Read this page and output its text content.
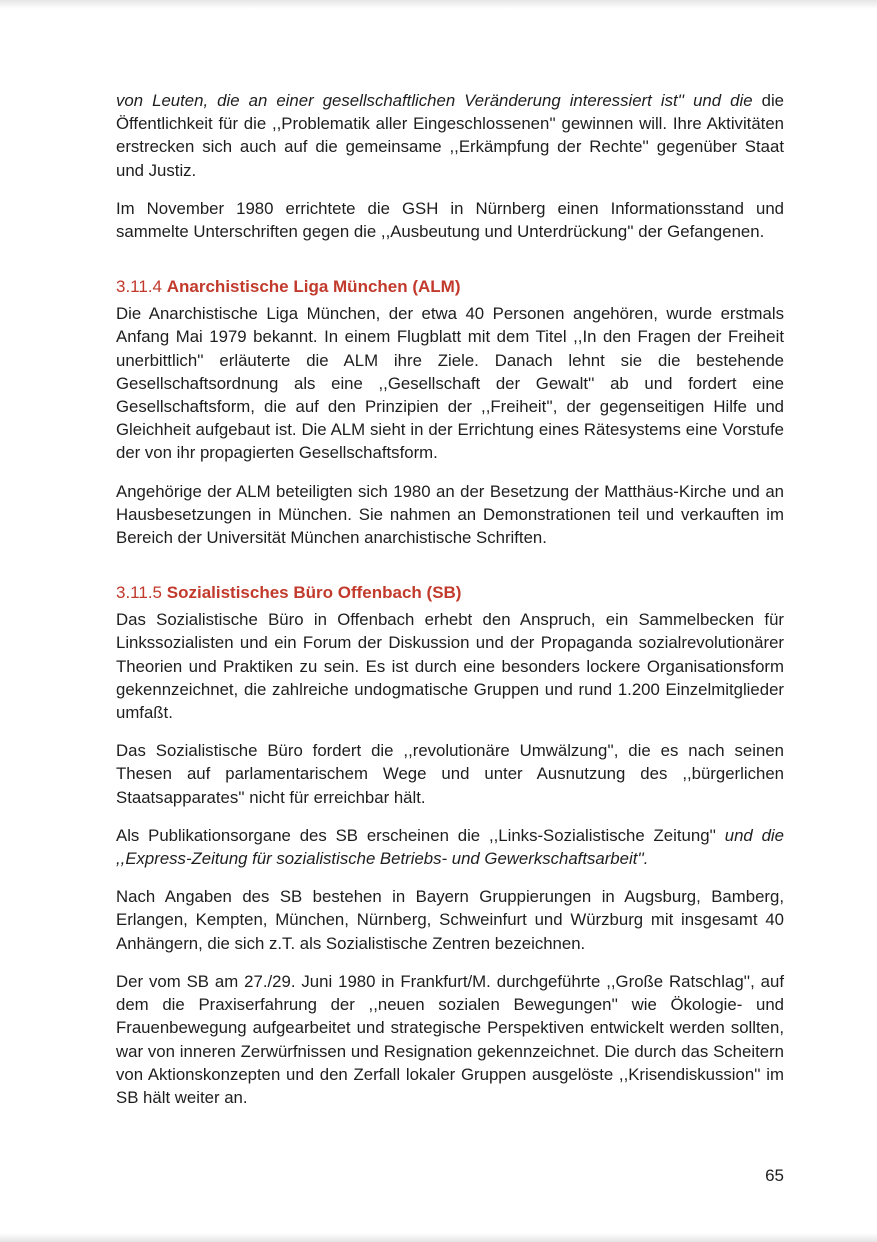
von Leuten, die an einer gesellschaftlichen Veränderung interessiert ist'' und die die Öffentlichkeit für die ,,Problematik aller Eingeschlossenen'' gewinnen will. Ihre Aktivitäten erstrecken sich auch auf die gemeinsame ,,Erkämpfung der Rechte'' gegenüber Staat und Justiz.

Im November 1980 errichtete die GSH in Nürnberg einen Informationsstand und sammelte Unterschriften gegen die ,,Ausbeutung und Unterdrückung'' der Gefangenen.

3.11.4 Anarchistische Liga München (ALM)

Die Anarchistische Liga München, der etwa 40 Personen angehören, wurde erstmals Anfang Mai 1979 bekannt. In einem Flugblatt mit dem Titel ,,In den Fragen der Freiheit unerbittlich'' erläuterte die ALM ihre Ziele. Danach lehnt sie die bestehende Gesellschaftsordnung als eine ,,Gesellschaft der Gewalt'' ab und fordert eine Gesellschaftsform, die auf den Prinzipien der ,,Freiheit'', der gegenseitigen Hilfe und Gleichheit aufgebaut ist. Die ALM sieht in der Errichtung eines Rätesystems eine Vorstufe der von ihr propagierten Gesellschaftsform.

Angehörige der ALM beteiligten sich 1980 an der Besetzung der Matthäus-Kirche und an Hausbesetzungen in München. Sie nahmen an Demonstrationen teil und verkauften im Bereich der Universität München anarchistische Schriften.

3.11.5 Sozialistisches Büro Offenbach (SB)

Das Sozialistische Büro in Offenbach erhebt den Anspruch, ein Sammelbecken für Linkssozialisten und ein Forum der Diskussion und der Propaganda sozialrevolutionärer Theorien und Praktiken zu sein. Es ist durch eine besonders lockere Organisationsform gekennzeichnet, die zahlreiche undogmatische Gruppen und rund 1.200 Einzelmitglieder umfaßt.

Das Sozialistische Büro fordert die ,,revolutionäre Umwälzung'', die es nach seinen Thesen auf parlamentarischem Wege und unter Ausnutzung des ,,bürgerlichen Staatsapparates'' nicht für erreichbar hält.

Als Publikationsorgane des SB erscheinen die ,,Links-Sozialistische Zeitung'' und die ,,Express-Zeitung für sozialistische Betriebs- und Gewerkschaftsarbeit''.

Nach Angaben des SB bestehen in Bayern Gruppierungen in Augsburg, Bamberg, Erlangen, Kempten, München, Nürnberg, Schweinfurt und Würzburg mit insgesamt 40 Anhängern, die sich z.T. als Sozialistische Zentren bezeichnen.

Der vom SB am 27./29. Juni 1980 in Frankfurt/M. durchgeführte ,,Große Ratschlag'', auf dem die Praxiserfahrung der ,,neuen sozialen Bewegungen'' wie Ökologie- und Frauenbewegung aufgearbeitet und strategische Perspektiven entwickelt werden sollten, war von inneren Zerwürfnissen und Resignation gekennzeichnet. Die durch das Scheitern von Aktionskonzepten und den Zerfall lokaler Gruppen ausgelöste ,,Krisendiskussion'' im SB hält weiter an.

65
